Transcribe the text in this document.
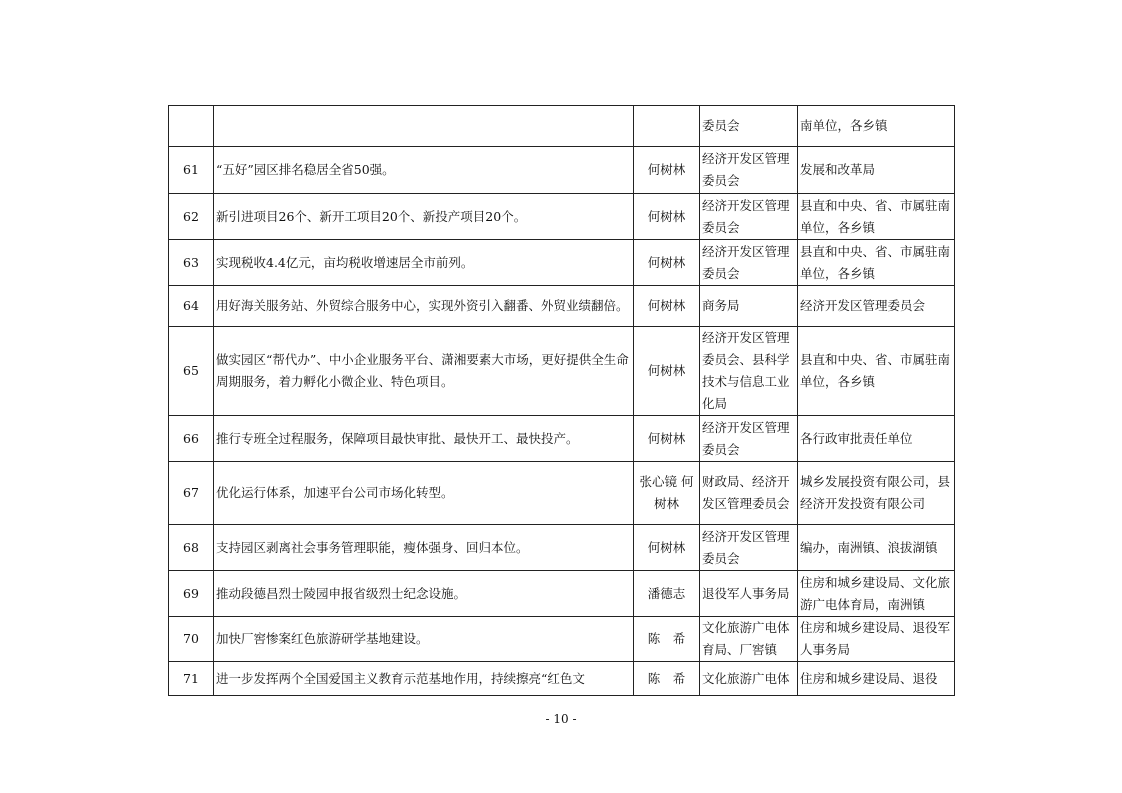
			委员会	南单位，各乡镇
61	“五好”园区排名稳居全省50强。	何树林	经济开发区管理委员会	发展和改革局
62	新引进项目26个、新开工项目20个、新投产项目20个。	何树林	经济开发区管理委员会	县直和中央、省、市属驻南单位，各乡镇
63	实现税收4.4亿元，亩均税收增速居全市前列。	何树林	经济开发区管理委员会	县直和中央、省、市属驻南单位，各乡镇
64	用好海关服务站、外贸综合服务中心，实现外资引入翻番、外贸业绩翻倍。	何树林	商务局	经济开发区管理委员会
65	做实园区“帮代办”、中小企业服务平台、潇湘要素大市场，更好提供全生命周期服务，着力孵化小微企业、特色项目。	何树林	经济开发区管理委员会、县科学技术与信息工业化局	县直和中央、省、市属驻南单位，各乡镇
66	推行专班全过程服务，保障项目最快审批、最快开工、最快投产。	何树林	经济开发区管理委员会	各行政审批责任单位
67	优化运行体系，加速平台公司市场化转型。	张心镜 何树林	财政局、经济开发区管理委员会	城乡发展投资有限公司，县经济开发投资有限公司
68	支持园区剥离社会事务管理职能，瘦体强身、回归本位。	何树林	经济开发区管理委员会	编办，南洲镇、浪拔湖镇
69	推动段德昌烈士陵园申报省级烈士纪念设施。	潘德志	退役军人事务局	住房和城乡建设局、文化旅游广电体育局，南洲镇
70	加快厂窖惨案红色旅游研学基地建设。	陈　希	文化旅游广电体育局、厂窖镇	住房和城乡建设局、退役军人事务局
71	进一步发挥两个全国爱国主义教育示范基地作用，持续擦亮“红色文	陈　希	文化旅游广电体	住房和城乡建设局、退役
- 10 -
